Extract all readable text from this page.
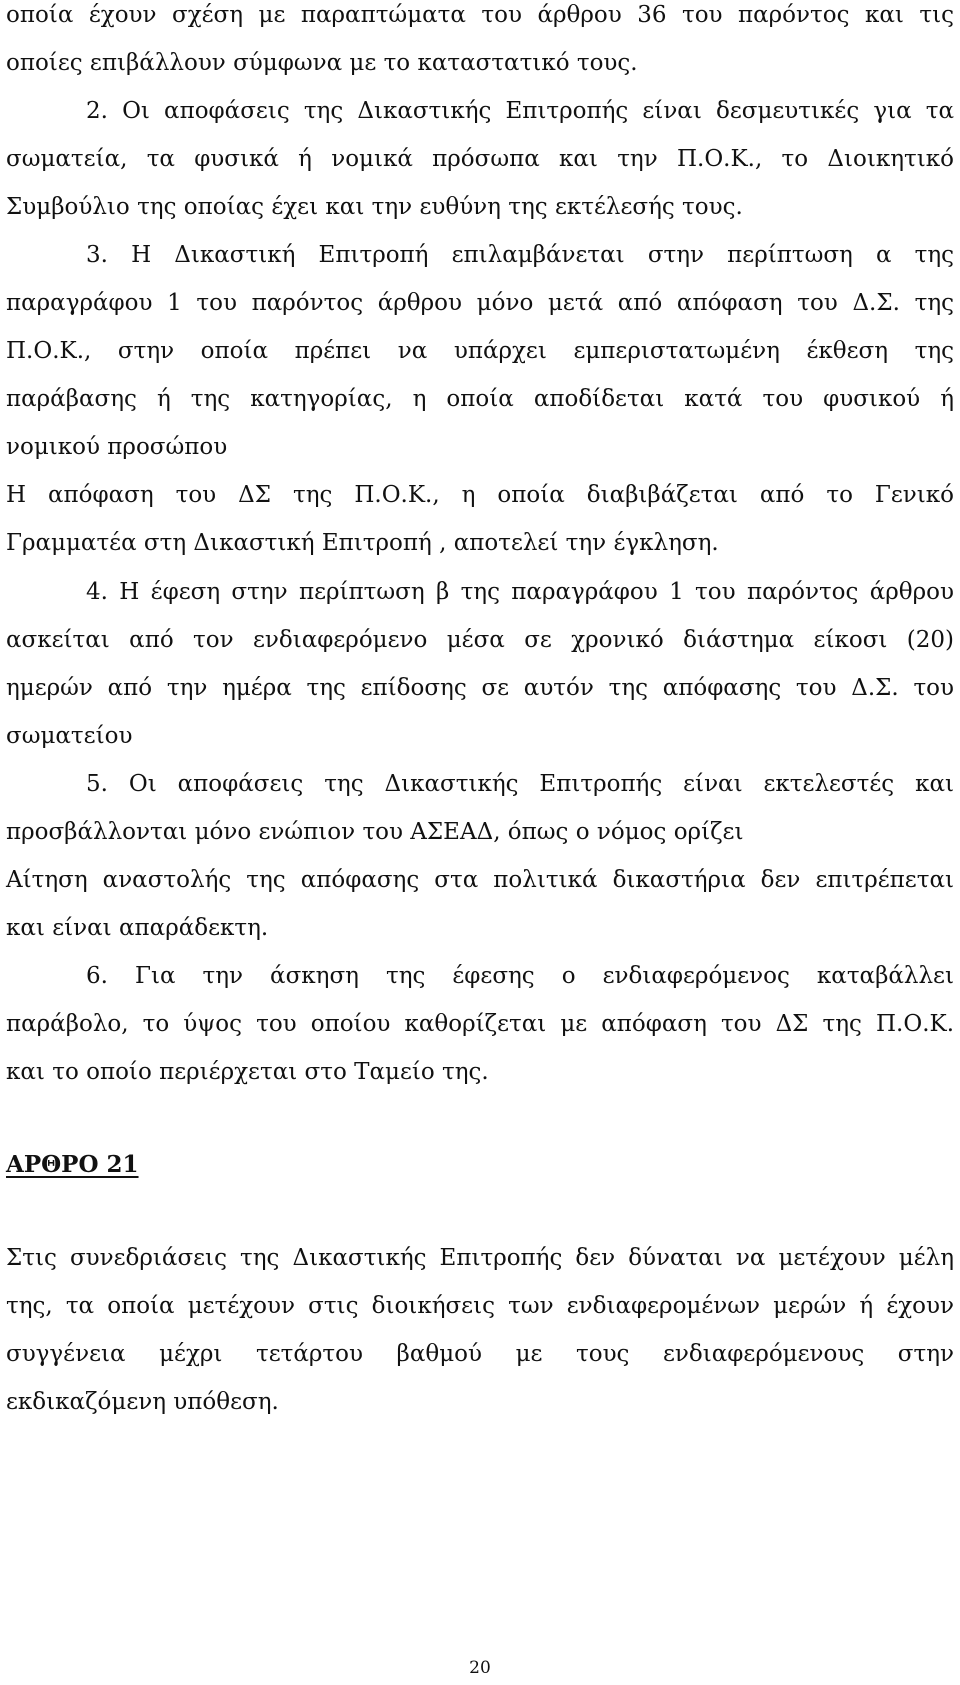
οποία έχουν σχέση με παραπτώματα του άρθρου 36 του παρόντος και τις

οποίες επιβάλλουν σύμφωνα με το καταστατικό τους.

2. Οι αποφάσεις της Δικαστικής Επιτροπής είναι δεσμευτικές για τα

σωματεία, τα φυσικά ή νομικά πρόσωπα και την Π.Ο.Κ., το Διοικητικό

Συμβούλιο της οποίας έχει και την ευθύνη της εκτέλεσής τους.

3. Η Δικαστική Επιτροπή επιλαμβάνεται στην περίπτωση α της

παραγράφου 1 του παρόντος άρθρου μόνο μετά από απόφαση του Δ.Σ. της

Π.Ο.Κ., στην οποία πρέπει να υπάρχει εμπεριστατωμένη έκθεση της

παράβασης ή της κατηγορίας, η οποία αποδίδεται κατά του φυσικού ή

νομικού προσώπου

Η απόφαση του ΔΣ της Π.Ο.Κ., η οποία διαβιβάζεται από το Γενικό

Γραμματέα στη Δικαστική Επιτροπή , αποτελεί την έγκληση.

4. Η έφεση στην περίπτωση β της παραγράφου 1 του παρόντος άρθρου

ασκείται από τον ενδιαφερόμενο μέσα σε χρονικό διάστημα είκοσι (20)

ημερών από την ημέρα της επίδοσης σε αυτόν της απόφασης του Δ.Σ. του

σωματείου

5. Οι αποφάσεις της Δικαστικής Επιτροπής είναι εκτελεστές και

προσβάλλονται μόνο ενώπιον του ΑΣΕΑΔ, όπως ο νόμος ορίζει

Αίτηση αναστολής της απόφασης στα πολιτικά δικαστήρια δεν επιτρέπεται

και είναι απαράδεκτη.

6. Για την άσκηση της έφεσης ο ενδιαφερόμενος καταβάλλει

παράβολο, το ύψος του οποίου καθορίζεται με απόφαση του ΔΣ της Π.Ο.Κ.

και το οποίο περιέρχεται στο Ταμείο της.

ΑΡΘΡΟ 21

Στις συνεδριάσεις της Δικαστικής Επιτροπής δεν δύναται να μετέχουν μέλη

της, τα οποία μετέχουν στις διοικήσεις των ενδιαφερομένων μερών ή έχουν

συγγένεια μέχρι τετάρτου βαθμού με τους ενδιαφερόμενους στην

εκδικαζόμενη υπόθεση.

20
